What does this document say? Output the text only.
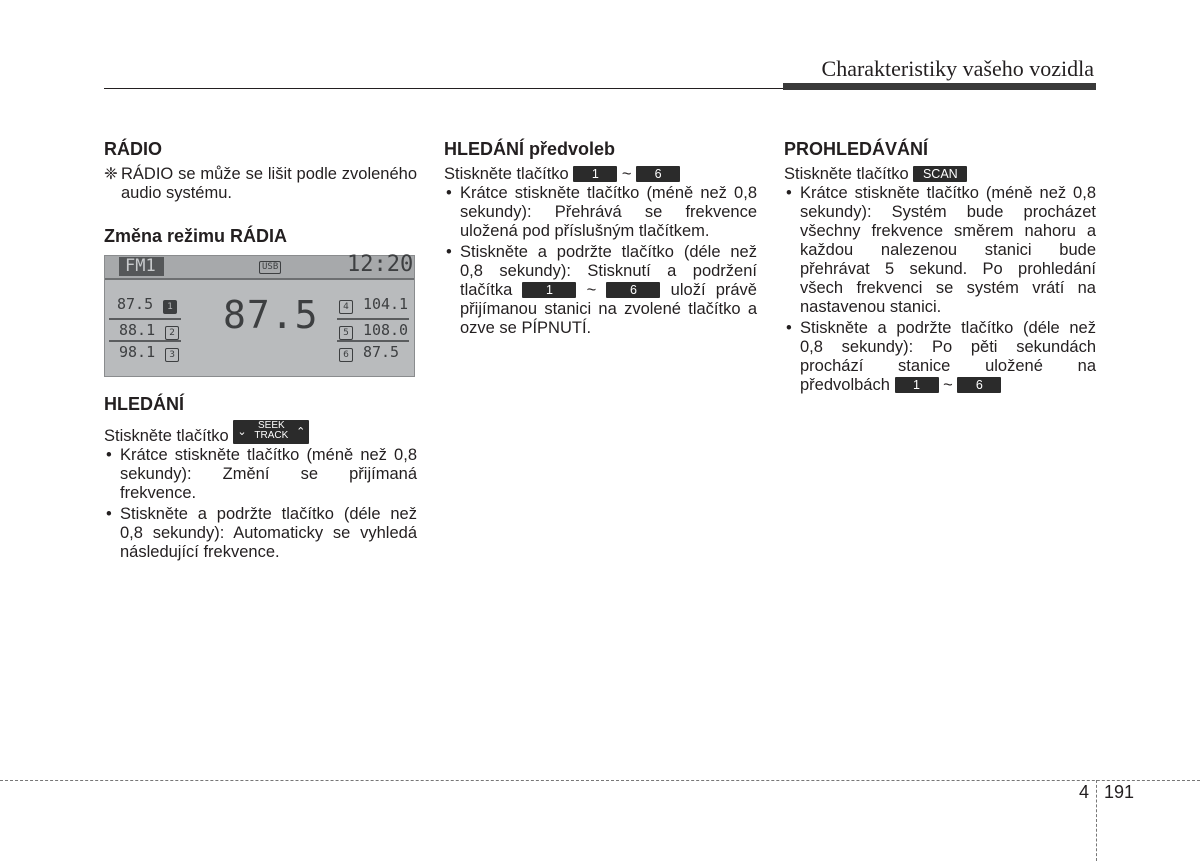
Charakteristiky vašeho vozidla
RÁDIO
❈ RÁDIO se může se lišit podle zvoleného audio systému.
Změna režimu RÁDIA
FM1	USB	12:20
87.5
87.5 1
88.1 2
98.1 3
4 104.1
5 108.0
6 87.5
HLEDÁNÍ

Stiskněte tlačítko ⌄
SEEK
TRACK ⌃

• Krátce stiskněte tlačítko (méně než 0,8 sekundy): Změní se přijímaná frekvence.
• Stiskněte a podržte tlačítko (déle než 0,8 sekundy): Automaticky se vyhledá následující frekvence.
HLEDÁNÍ předvoleb

Stiskněte tlačítko 1 ~ 6

• Krátce stiskněte tlačítko (méně než 0,8 sekundy): Přehrává se frekvence uložená pod příslušným tlačítkem.
• Stiskněte a podržte tlačítko (déle než 0,8 sekundy): Stisknutí a podržení tlačítka	1 ~	6 uloží právě přijímanou stanici na zvolené tlačítko a ozve se PÍPNUTÍ.
PROHLEDÁVÁNÍ

Stiskněte tlačítko SCAN

• Krátce stiskněte tlačítko (méně než 0,8 sekundy): Systém bude procházet všechny frekvence směrem nahoru a každou nalezenou stanici bude přehrávat 5 sekund. Po prohledání všech frekvenci se systém vrátí na nastavenou stanici.
• Stiskněte a podržte tlačítko (déle než 0,8 sekundy): Po pěti sekundách prochází stanice uložené na předvolbách 1 ~ 6
4 191
